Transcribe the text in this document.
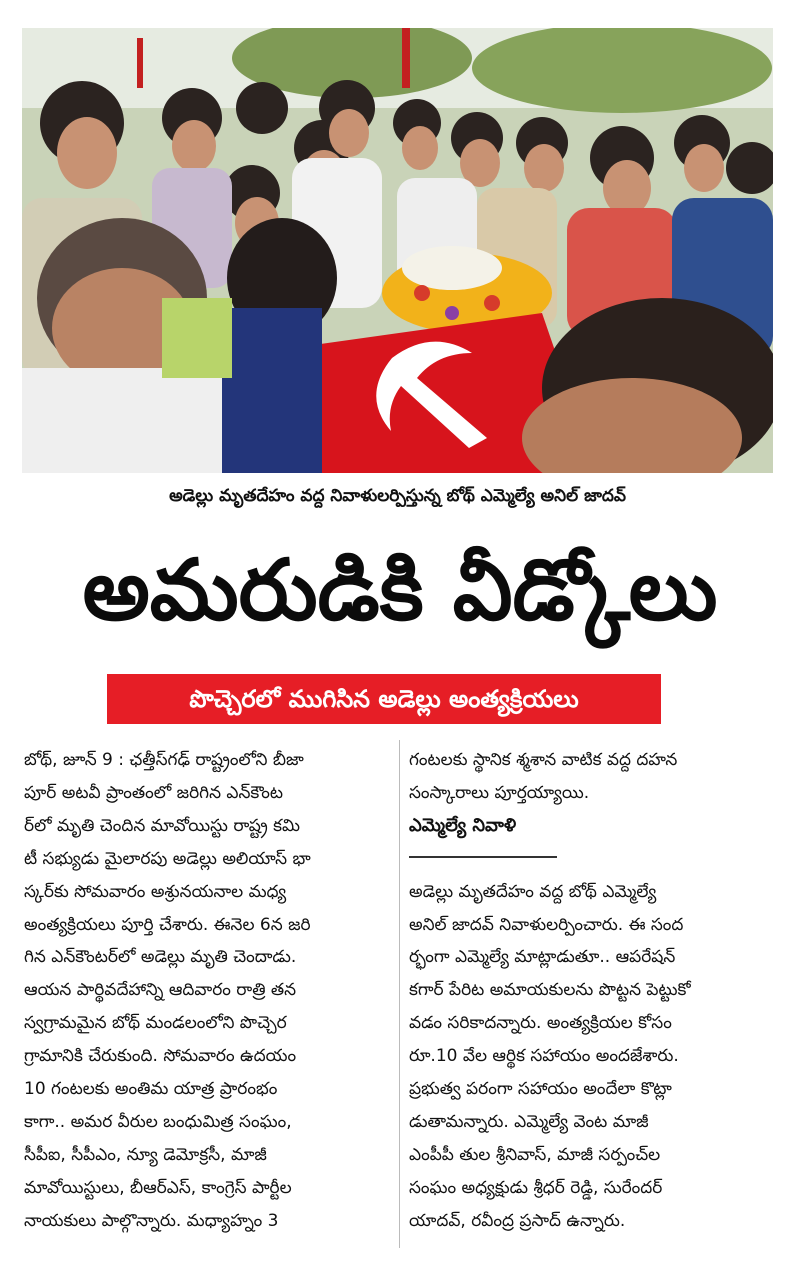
అడెల్లు మృతదేహం వద్ద నివాళులర్పిస్తున్న బోథ్ ఎమ్మెల్యే అనిల్ జాదవ్
అమరుడికి వీడ్కోలు
పొచ్చెరలో ముగిసిన అడెల్లు అంత్యక్రియలు

బోథ్, జూన్ 9 : ఛత్తీస్‌గఢ్ రాష్ట్రంలోని బీజా

పూర్ అటవీ ప్రాంతంలో జరిగిన ఎన్‌కౌంట

ర్‌లో మృతి చెందిన మావోయిస్టు రాష్ట్ర కమి

టీ సభ్యుడు మైలారపు అడెల్లు అలియాస్ భా

స్కర్‌కు సోమవారం అశ్రునయనాల మధ్య

అంత్యక్రియలు పూర్తి చేశారు. ఈనెల 6న జరి

గిన ఎన్‌కౌంటర్‌లో అడెల్లు మృతి చెందాడు.

ఆయన పార్థివదేహాన్ని ఆదివారం రాత్రి తన

స్వగ్రామమైన బోథ్ మండలంలోని పొచ్చెర

గ్రామానికి చేరుకుంది. సోమవారం ఉదయం

10 గంటలకు అంతిమ యాత్ర ప్రారంభం

కాగా.. అమర వీరుల బంధుమిత్ర సంఘం,

సీపీఐ, సీపీఎం, న్యూ డెమోక్రసీ, మాజీ

మావోయిస్టులు, బీఆర్ఎస్, కాంగ్రెస్ పార్టీల

నాయకులు పాల్గొన్నారు. మధ్యాహ్నం 3

గంటలకు స్థానిక శ్మశాన వాటిక వద్ద దహన

సంస్కారాలు పూర్తయ్యాయి.

ఎమ్మెల్యే నివాళి

అడెల్లు మృతదేహం వద్ద బోథ్ ఎమ్మెల్యే

అనిల్ జాదవ్ నివాళులర్పించారు. ఈ సంద

ర్భంగా ఎమ్మెల్యే మాట్లాడుతూ.. ఆపరేషన్

కగార్ పేరిట అమాయకులను పొట్టన పెట్టుకో

వడం సరికాదన్నారు. అంత్యక్రియల కోసం

రూ.10 వేల ఆర్థిక సహాయం అందజేశారు.

ప్రభుత్వ పరంగా సహాయం అందేలా కొట్లా

డుతామన్నారు. ఎమ్మెల్యే వెంట మాజీ

ఎంపీపీ తుల శ్రీనివాస్, మాజీ సర్పంచ్‌ల

సంఘం అధ్యక్షుడు శ్రీధర్ రెడ్డి, సురేందర్

యాదవ్, రవీంద్ర ప్రసాద్ ఉన్నారు.
